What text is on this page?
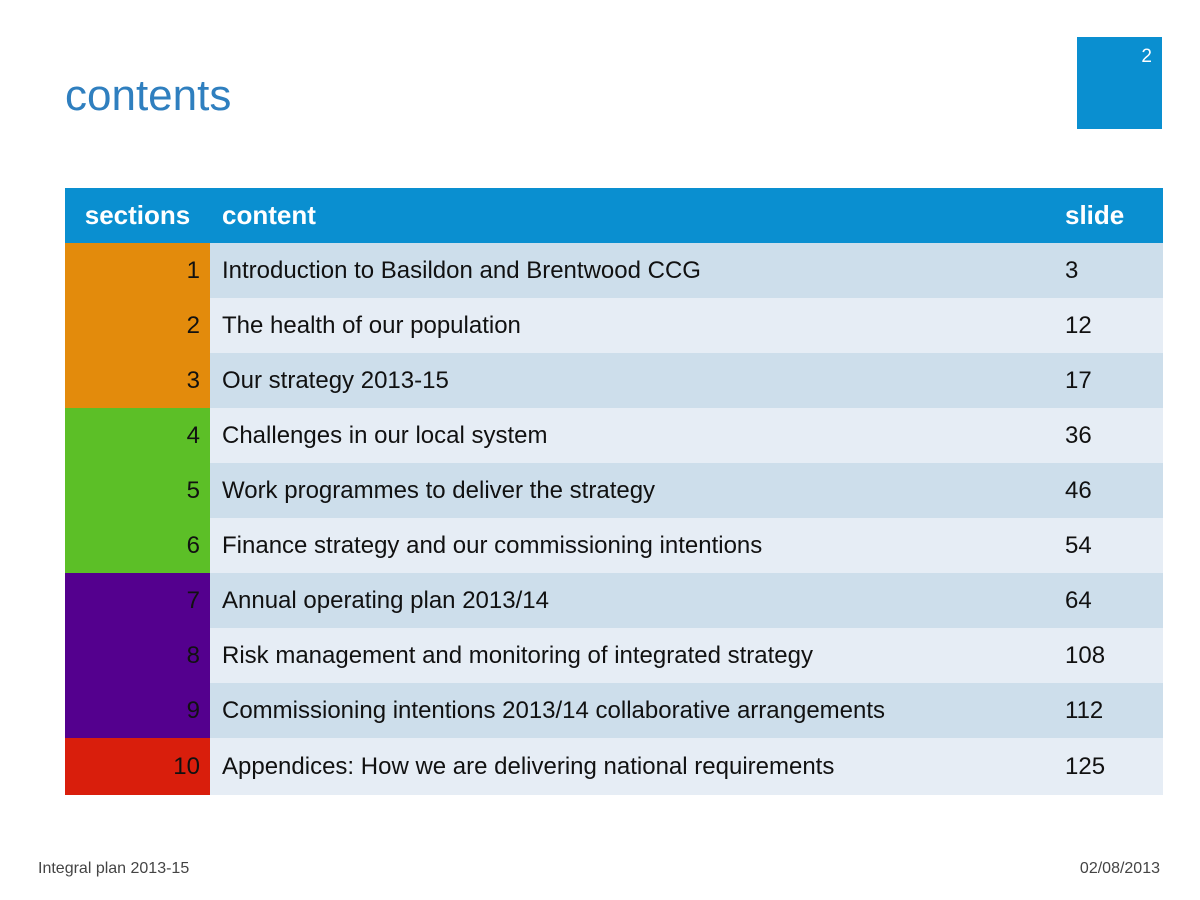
contents
2
sections	content	slide
1	Introduction to Basildon and Brentwood CCG	3
2	The health of our population	12
3	Our strategy 2013-15	17
4	Challenges in our local system	36
5	Work programmes to deliver the strategy	46
6	Finance strategy and our commissioning intentions	54
7	Annual operating plan 2013/14	64
8	Risk management and monitoring of integrated strategy	108
9	Commissioning intentions 2013/14 collaborative arrangements	112
10	Appendices: How we are delivering national requirements	125
Integral plan 2013-15	02/08/2013
